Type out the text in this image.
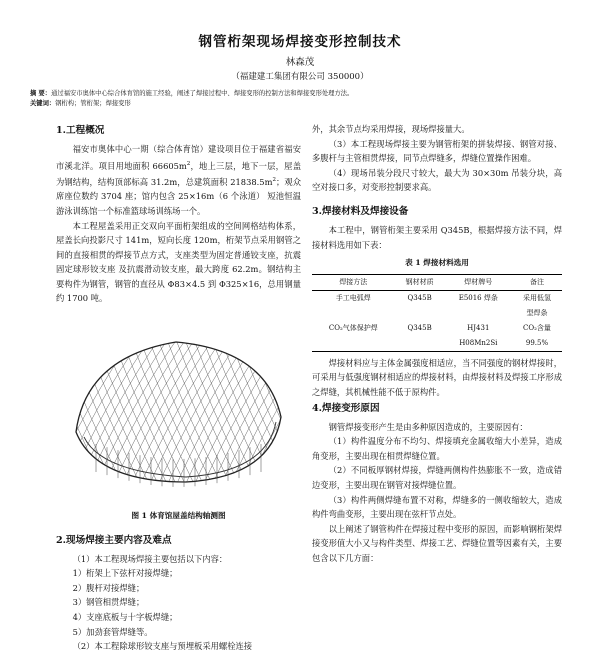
钢管桁架现场焊接变形控制技术
林森茂
（福建建工集团有限公司 350000）
摘 要：通过福安市奥体中心综合体育馆的施工经验，阐述了焊接过程中、焊接变形的控制方法和焊接变形处理方法。
关键词：钢桁构；管桁架；焊接变形
1.工程概况

福安市奥体中心一期（综合体育馆）建设项目位于福建省福安市溪北洋。项目用地面积 $66605m^2$，地上三层，地下一层，屋盖为钢结构，结构顶部标高 31.2m，总建筑面积 $21838.5m^2$；观众席座位数约 3704 座；馆内包含 25×16m（6 个泳道） 短池恒温游泳训练馆一个标准篮球场训练场一个。

本工程屋盖采用正交双向平面桁架组成的空间网格结构体系，屋盖长向投影尺寸 141m，短向长度 120m，桁架节点采用钢管之间的直接相贯的焊接节点方式，支座类型为固定普通铰支座，抗震固定球形铰支座 及抗震滑动铰支座，最大跨度 62.2m。钢结构主要构件为钢管，钢管的直径从 Φ83×4.5 到 Φ325×16，总用钢量约 1700 吨。

图 1 体育馆屋盖结构轴测图
2.现场焊接主要内容及难点

（1）本工程现场焊接主要包括以下内容：

1）桁架上下弦杆对接焊缝；
2）腹杆对接焊缝；
3）钢管相贯焊缝；
4）支座底板与十字板焊缝；
5）加劲套管焊缝等。

（2）本工程除球形铰支座与预埋板采用螺栓连接

外，其余节点均采用焊接，现场焊接量大。

（3）本工程现场焊接主要为钢管桁架的拼装焊接、钢管对接、多腹杆与主管相贯焊接，同节点焊缝多，焊缝位置操作困难。

（4）现场吊装分段尺寸较大，最大为 30×30m 吊装分块，高空对接口多，对变形控制要求高。

3.焊接材料及焊接设备

本工程中，钢管桁架主要采用 Q345B，根据焊接方法不同，焊接材料选用如下表：

表 1 焊接材料选用
焊接方法	钢材材质	焊材牌号	备注
手工电弧焊	Q345B	E5016 焊条	采用低氢
			型焊条
CO₂气体保护焊	Q345B	HJ431	CO₂含量
		H08Mn2Si	99.5%

焊接材料应与主体金属强度相适应，当不同强度的钢材焊接时，可采用与低强度钢材相适应的焊接材料，由焊接材料及焊接工序形成之焊缝，其机械性能不低于原构件。

4.焊接变形原因

钢管焊接变形产生是由多种原因造成的，主要原因有：

（1）构件温度分布不均匀、焊接填充金属收缩大小差异，造成角变形，主要出现在相贯焊缝位置。

（2）不同板厚钢材焊接，焊缝两侧构件热膨胀不一致，造成错边变形，主要出现在钢管对接焊缝位置。

（3）构件两侧焊缝布置不对称，焊缝多的一侧收缩较大，造成构件弯曲变形，主要出现在弦杆节点处。

以上阐述了钢管构件在焊接过程中变形的原因，而影响钢桁架焊接变形值大小又与构件类型、焊接工艺、焊缝位置等因素有关，主要包含以下几方面：
